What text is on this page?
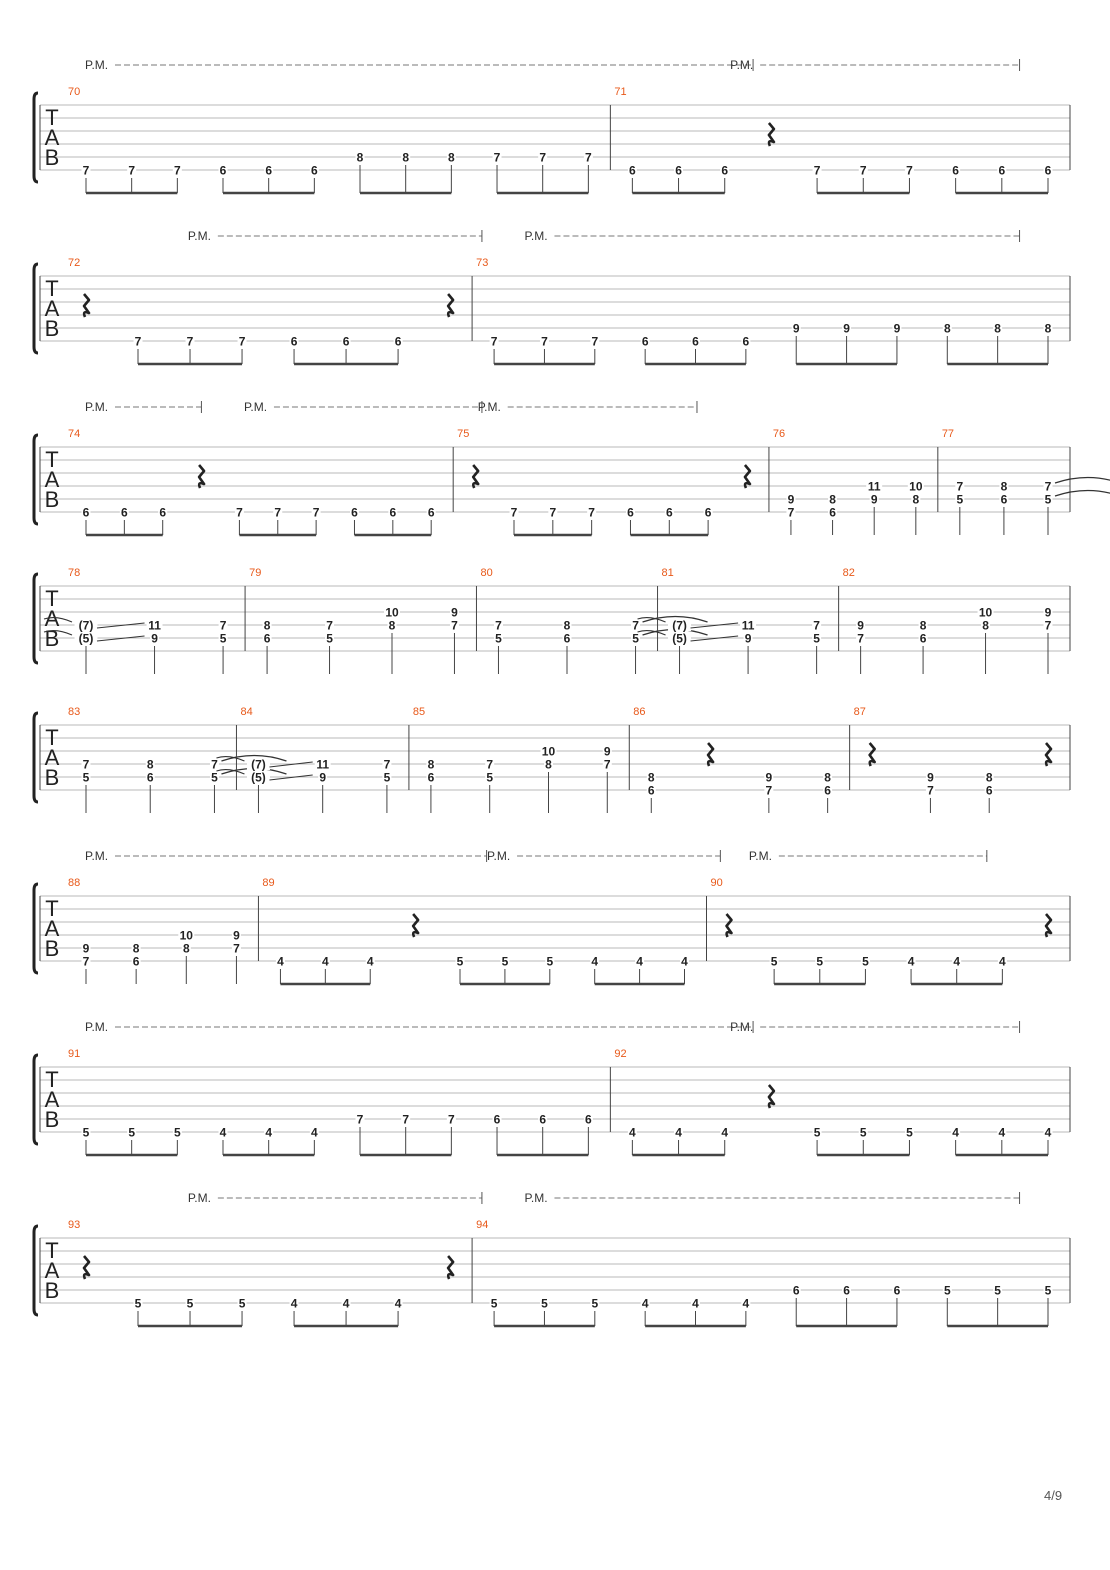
P.M.	P.M.
T
A
B
70
7	7	7	6	6	6
8	8	8	7	7	7
71
6	6	6	7	7	7	6	6	6
P.M.	P.M.
T
A
B
72
7	7	7	6	6	6
73
7	7	7	6	6	6
9	9	9	8	8	8
P.M.	P.M.	P.M.
T
A
B
74
6	6	6	7	7	7	6	6	6
75
7	7	7	6	6	6
76
9
7
8
6
11
9
10
8
77
7
5
8
6
7
5
T
A
B
78
(7)
(5)
11
9
7
5
79
8
6
7
5
10
8
9
7
80
7
5
8
6
7
5
81
(7)
(5)
11
9
7
5
82
9
7
8
6
10
8
9
7
T
A
B
83
7
5
8
6
7
5
84
(7)
(5)
11
9
7
5
85
8
6
7
5
10
8
9
7
86
8
6
9
7
8
6
87
9
7
8
6
P.M.	P.M.	P.M.
T
A
B
88
9
7
8
6
10
8
9
7
89
4	4	4	5	5	5	4	4	4
90
5	5	5	4	4	4
P.M.	P.M.
T
A
B
91
5	5	5	4	4	4
7	7	7	6	6	6
92
4	4	4	5	5	5	4	4	4
P.M.	P.M.
T
A
B
93
5	5	5	4	4	4
94
5	5	5	4	4	4
6	6	6	5	5	5
4/9
